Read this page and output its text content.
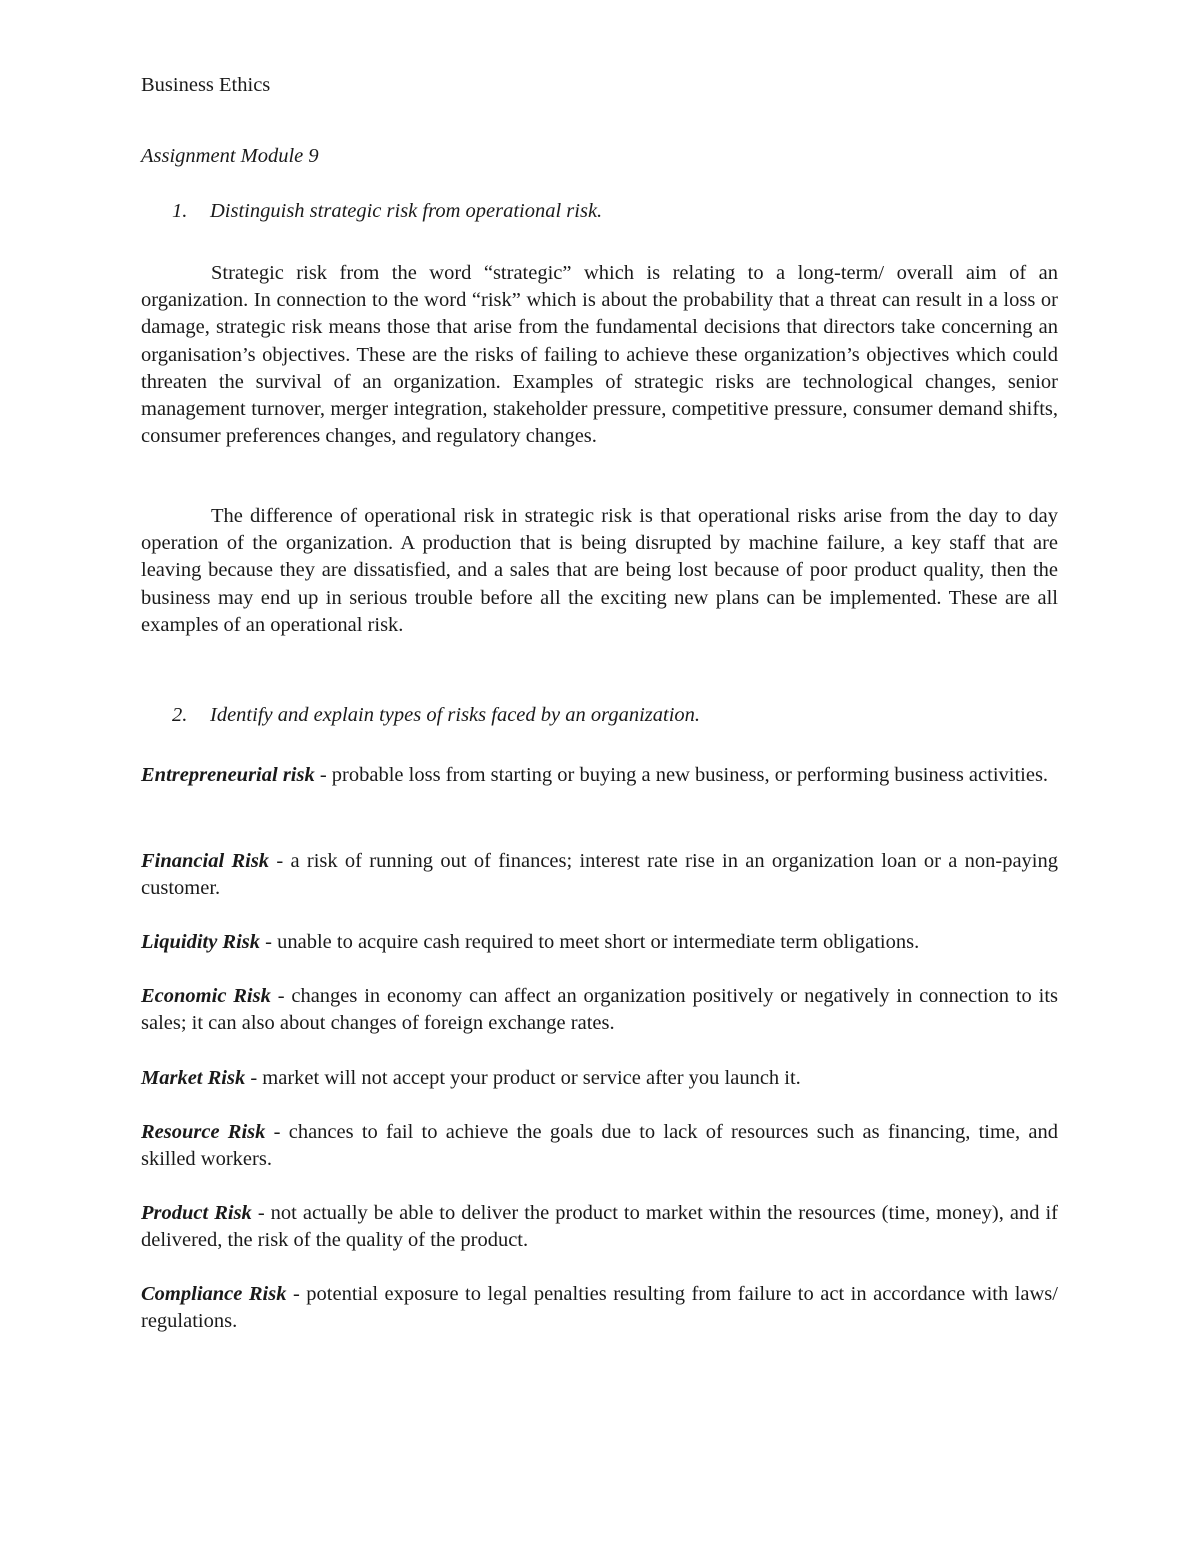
Business Ethics

Assignment Module 9

1. Distinguish strategic risk from operational risk.

Strategic risk from the word “strategic” which is relating to a long-term/ overall aim of an organization. In connection to the word “risk” which is about the probability that a threat can result in a loss or damage, strategic risk means those that arise from the fundamental decisions that directors take concerning an organisation’s objectives. These are the risks of failing to achieve these organization’s objectives which could threaten the survival of an organization. Examples of strategic risks are technological changes, senior management turnover, merger integration, stakeholder pressure, competitive pressure, consumer demand shifts, consumer preferences changes, and regulatory changes.

The difference of operational risk in strategic risk is that operational risks arise from the day to day operation of the organization. A production that is being disrupted by machine failure, a key staff that are leaving because they are dissatisfied, and a sales that are being lost because of poor product quality, then the business may end up in serious trouble before all the exciting new plans can be implemented. These are all examples of an operational risk.

2. Identify and explain types of risks faced by an organization.

Entrepreneurial risk - probable loss from starting or buying a new business, or performing business activities.

Financial Risk - a risk of running out of finances; interest rate rise in an organization loan or a non-paying customer.

Liquidity Risk - unable to acquire cash required to meet short or intermediate term obligations.

Economic Risk - changes in economy can affect an organization positively or negatively in connection to its sales; it can also about changes of foreign exchange rates.

Market Risk - market will not accept your product or service after you launch it.

Resource Risk - chances to fail to achieve the goals due to lack of resources such as financing, time, and skilled workers.

Product Risk - not actually be able to deliver the product to market within the resources (time, money), and if delivered, the risk of the quality of the product.

Compliance Risk - potential exposure to legal penalties resulting from failure to act in accordance with laws/ regulations.
